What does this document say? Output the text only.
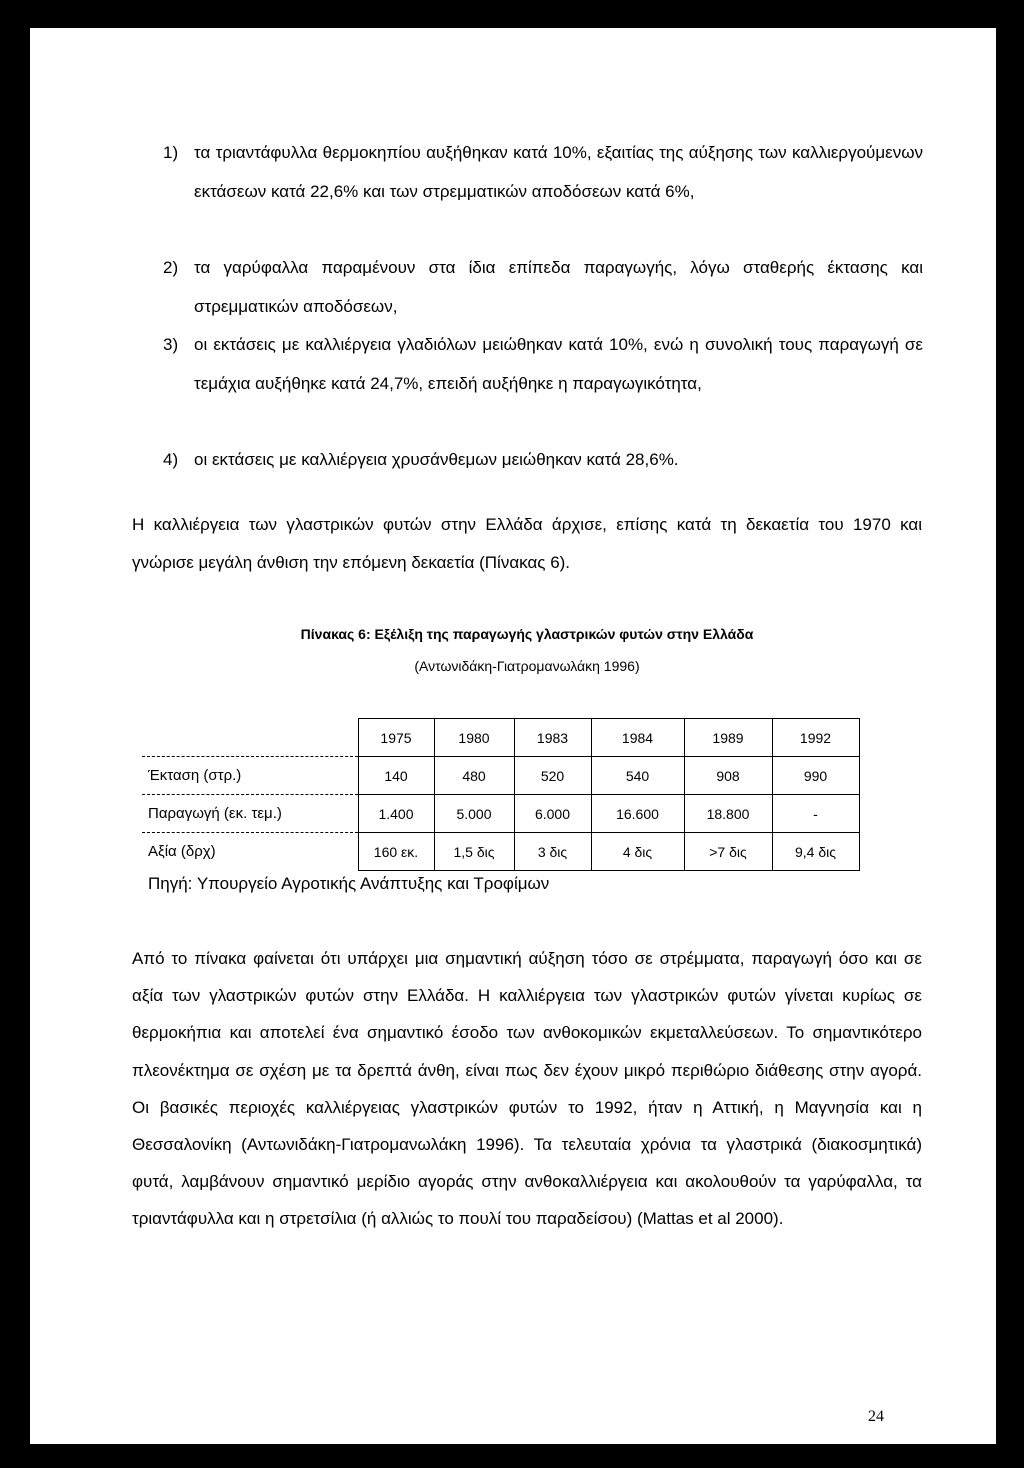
1) τα τριαντάφυλλα θερμοκηπίου αυξήθηκαν κατά 10%, εξαιτίας της αύξησης των καλλιεργούμενων εκτάσεων κατά 22,6% και των στρεμματικών αποδόσεων κατά 6%,
2) τα γαρύφαλλα παραμένουν στα ίδια επίπεδα παραγωγής, λόγω σταθερής έκτασης και στρεμματικών αποδόσεων,
3) οι εκτάσεις με καλλιέργεια γλαδιόλων μειώθηκαν κατά 10%, ενώ η συνολική τους παραγωγή σε τεμάχια αυξήθηκε κατά 24,7%, επειδή αυξήθηκε η παραγωγικότητα,
4) οι εκτάσεις με καλλιέργεια χρυσάνθεμων μειώθηκαν κατά 28,6%.
Η καλλιέργεια των γλαστρικών φυτών στην Ελλάδα άρχισε, επίσης κατά τη δεκαετία του 1970 και γνώρισε μεγάλη άνθιση την επόμενη δεκαετία (Πίνακας 6).
Πίνακας 6: Εξέλιξη της παραγωγής γλαστρικών φυτών στην Ελλάδα
(Αντωνιδάκη-Γιατρομανωλάκη 1996)
	1975	1980	1983	1984	1989	1992
Έκταση (στρ.)	140	480	520	540	908	990
Παραγωγή (εκ. τεμ.)	1.400	5.000	6.000	16.600	18.800	-
Αξία (δρχ)	160 εκ.	1,5 δις	3 δις	4 δις	>7 δις	9,4 δις
Πηγή: Υπουργείο Αγροτικής Ανάπτυξης και Τροφίμων
Από το πίνακα φαίνεται ότι υπάρχει μια σημαντική αύξηση τόσο σε στρέμματα, παραγωγή όσο και σε αξία των γλαστρικών φυτών στην Ελλάδα. Η καλλιέργεια των γλαστρικών φυτών γίνεται κυρίως σε θερμοκήπια και αποτελεί ένα σημαντικό έσοδο των ανθοκομικών εκμεταλλεύσεων. Το σημαντικότερο πλεονέκτημα σε σχέση με τα δρεπτά άνθη, είναι πως δεν έχουν μικρό περιθώριο διάθεσης στην αγορά. Οι βασικές περιοχές καλλιέργειας γλαστρικών φυτών το 1992, ήταν η Αττική, η Μαγνησία και η Θεσσαλονίκη (Αντωνιδάκη-Γιατρομανωλάκη 1996). Τα τελευταία χρόνια τα γλαστρικά (διακοσμητικά) φυτά, λαμβάνουν σημαντικό μερίδιο αγοράς στην ανθοκαλλιέργεια και ακολουθούν τα γαρύφαλλα, τα τριαντάφυλλα και η στρετσίλια (ή αλλιώς το πουλί του παραδείσου) (Mattas et al 2000).
24
